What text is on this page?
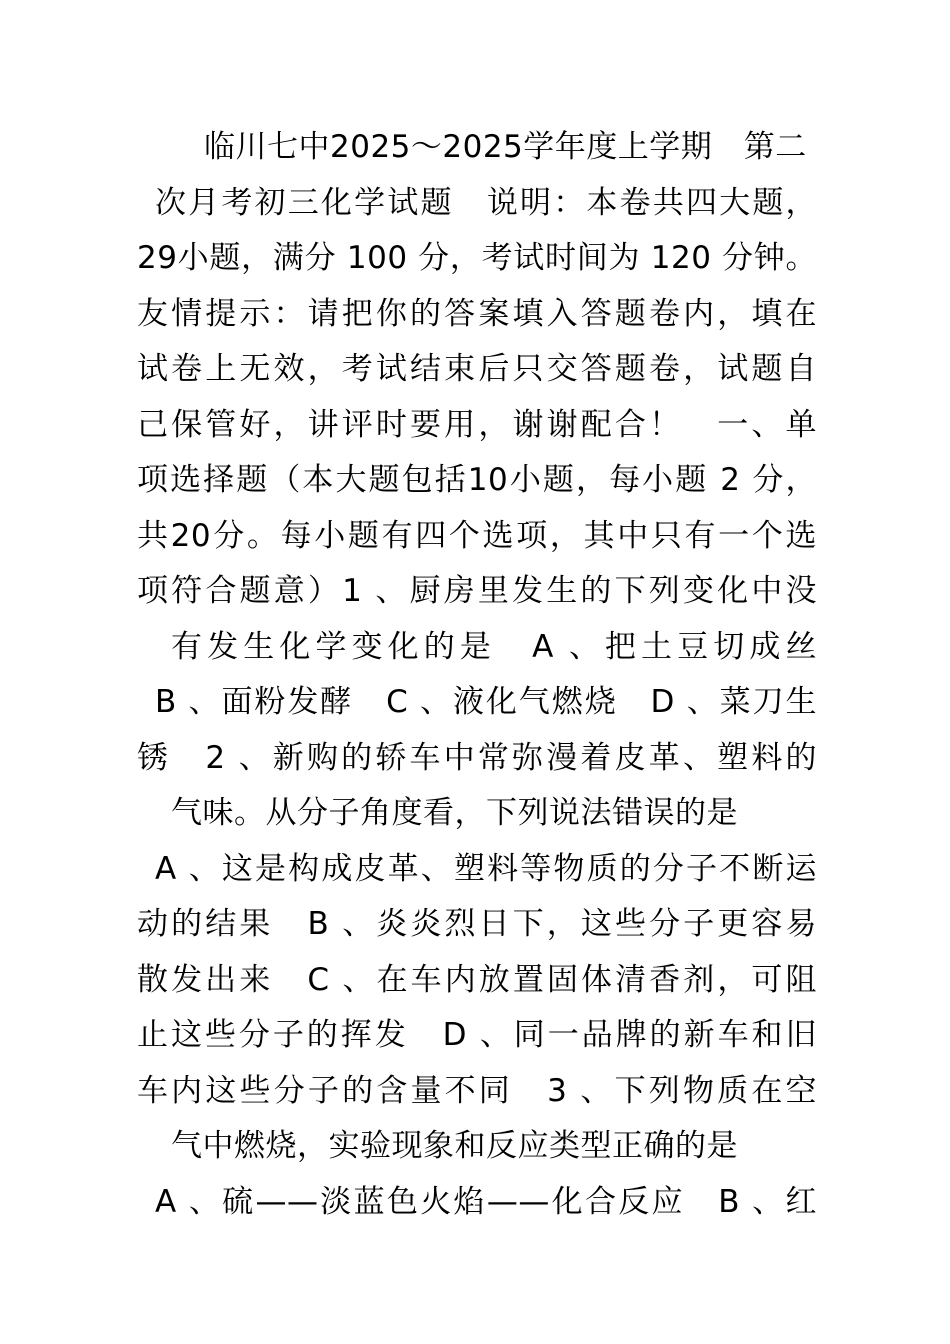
临川七中2025～2025学年度上学期　第二
次月考初三化学试题　说明：本卷共四大题，
29小题，满分 100 分，考试时间为 120 分钟。
友情提示：请把你的答案填入答题卷内，填在
试卷上无效，考试结束后只交答题卷，试题自
己保管好，讲评时要用，谢谢配合！　一、单
项选择题（本大题包括10小题，每小题 2 分，
共20分。每小题有四个选项，其中只有一个选
项符合题意）1 、厨房里发生的下列变化中没
有发生化学变化的是　A 、把土豆切成丝
B 、面粉发酵　C 、液化气燃烧　D 、菜刀生
锈　2 、新购的轿车中常弥漫着皮革、塑料的
气味。从分子角度看，下列说法错误的是
A 、这是构成皮革、塑料等物质的分子不断运
动的结果　B 、炎炎烈日下，这些分子更容易
散发出来　C 、在车内放置固体清香剂，可阻
止这些分子的挥发　D 、同一品牌的新车和旧
车内这些分子的含量不同　3 、下列物质在空
气中燃烧，实验现象和反应类型正确的是
A 、硫——淡蓝色火焰——化合反应　B 、红
